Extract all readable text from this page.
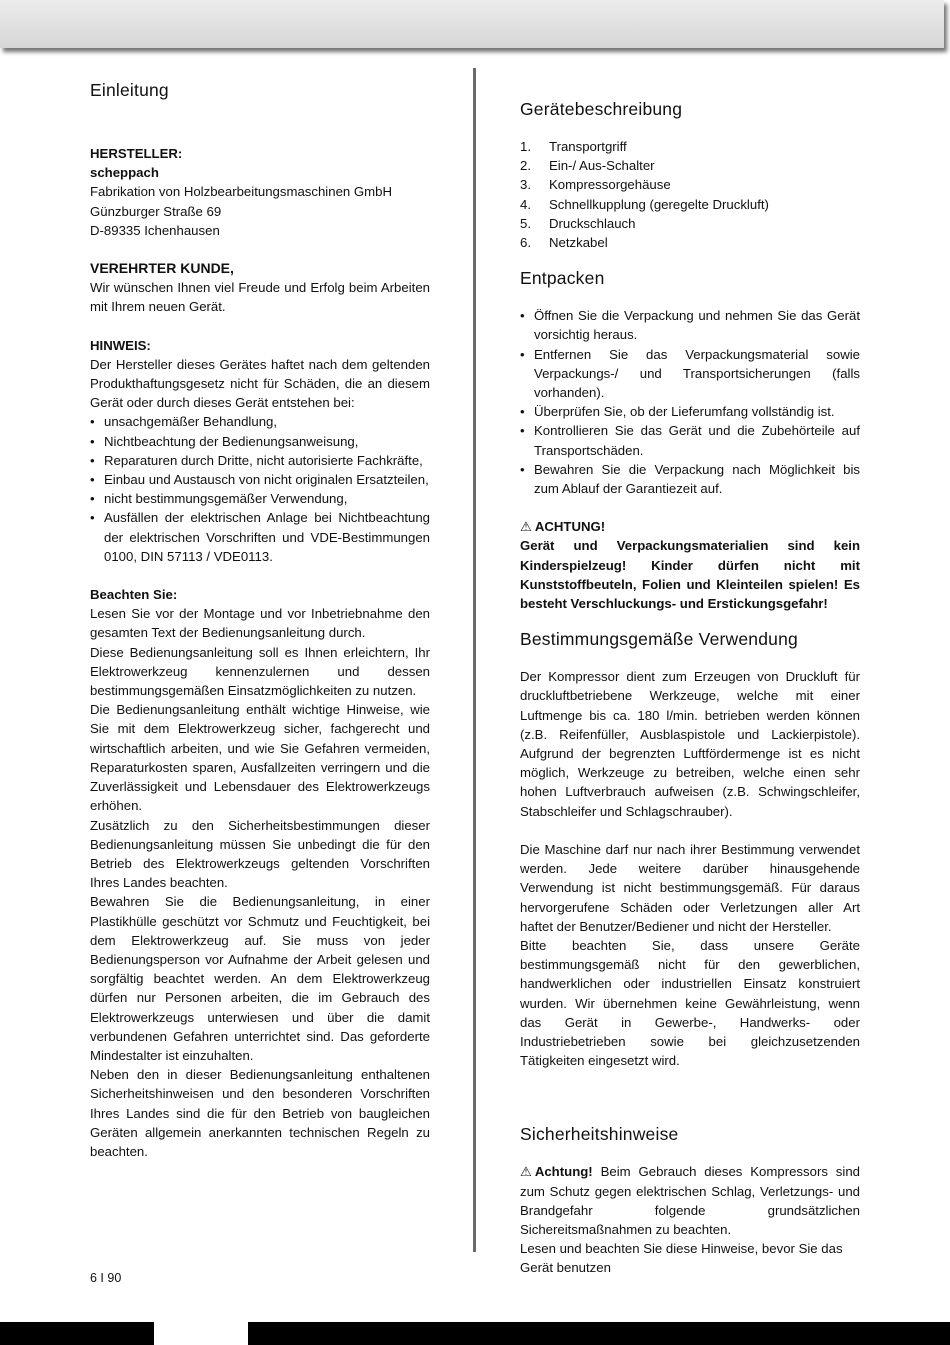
Einleitung

HERSTELLER:

scheppach

Fabrikation von Holzbearbeitungsmaschinen GmbH

Günzburger Straße 69

D-89335 Ichenhausen

VEREHRTER KUNDE,

Wir wünschen Ihnen viel Freude und Erfolg beim Arbeiten mit Ihrem neuen Gerät.

HINWEIS:

Der Hersteller dieses Gerätes haftet nach dem geltenden Produkthaftungsgesetz nicht für Schäden, die an diesem Gerät oder durch dieses Gerät entstehen bei:

• unsachgemäßer Behandlung,
• Nichtbeachtung der Bedienungsanweisung,
• Reparaturen durch Dritte, nicht autorisierte Fachkräfte,
• Einbau und Austausch von nicht originalen Ersatzteilen,
• nicht bestimmungsgemäßer Verwendung,
• Ausfällen der elektrischen Anlage bei Nichtbeachtung der elektrischen Vorschriften und VDE-Bestimmungen 0100, DIN 57113 / VDE0113.

Beachten Sie:

Lesen Sie vor der Montage und vor Inbetriebnahme den gesamten Text der Bedienungsanleitung durch.

Diese Bedienungsanleitung soll es Ihnen erleichtern, Ihr Elektrowerkzeug kennenzulernen und dessen bestimmungsgemäßen Einsatzmöglichkeiten zu nutzen.

Die Bedienungsanleitung enthält wichtige Hinweise, wie Sie mit dem Elektrowerkzeug sicher, fachgerecht und wirtschaftlich arbeiten, und wie Sie Gefahren vermeiden, Reparaturkosten sparen, Ausfallzeiten verringern und die Zuverlässigkeit und Lebensdauer des Elektrowerkzeugs erhöhen.

Zusätzlich zu den Sicherheitsbestimmungen dieser Bedienungsanleitung müssen Sie unbedingt die für den Betrieb des Elektrowerkzeugs geltenden Vorschriften Ihres Landes beachten.

Bewahren Sie die Bedienungsanleitung, in einer Plastikhülle geschützt vor Schmutz und Feuchtigkeit, bei dem Elektrowerkzeug auf. Sie muss von jeder Bedienungsperson vor Aufnahme der Arbeit gelesen und sorgfältig beachtet werden. An dem Elektrowerkzeug dürfen nur Personen arbeiten, die im Gebrauch des Elektrowerkzeugs unterwiesen und über die damit verbundenen Gefahren unterrichtet sind. Das geforderte Mindestalter ist einzuhalten.

Neben den in dieser Bedienungsanleitung enthaltenen Sicherheitshinweisen und den besonderen Vorschriften Ihres Landes sind die für den Betrieb von baugleichen Geräten allgemein anerkannten technischen Regeln zu beachten.

Gerätebeschreibung
1. Transportgriff
2. Ein-/ Aus-Schalter
3. Kompressorgehäuse
4. Schnellkupplung (geregelte Druckluft)
5. Druckschlauch
6. Netzkabel
Entpacken
• Öffnen Sie die Verpackung und nehmen Sie das Gerät vorsichtig heraus.
• Entfernen Sie das Verpackungsmaterial sowie Verpackungs-/ und Transportsicherungen (falls vorhanden).
• Überprüfen Sie, ob der Lieferumfang vollständig ist.
• Kontrollieren Sie das Gerät und die Zubehörteile auf Transportschäden.
• Bewahren Sie die Verpackung nach Möglichkeit bis zum Ablauf der Garantiezeit auf.

⚠ ACHTUNG!

Gerät und Verpackungsmaterialien sind kein Kinderspielzeug! Kinder dürfen nicht mit Kunststoffbeuteln, Folien und Kleinteilen spielen! Es besteht Verschluckungs- und Erstickungsgefahr!

Bestimmungsgemäße Verwendung

Der Kompressor dient zum Erzeugen von Druckluft für druckluftbetriebene Werkzeuge, welche mit einer Luftmenge bis ca. 180 l/min. betrieben werden können (z.B. Reifenfüller, Ausblaspistole und Lackierpistole). Aufgrund der begrenzten Luftfördermenge ist es nicht möglich, Werkzeuge zu betreiben, welche einen sehr hohen Luftverbrauch aufweisen (z.B. Schwingschleifer, Stabschleifer und Schlagschrauber).

Die Maschine darf nur nach ihrer Bestimmung verwendet werden. Jede weitere darüber hinausgehende Verwendung ist nicht bestimmungsgemäß. Für daraus hervorgerufene Schäden oder Verletzungen aller Art haftet der Benutzer/Bediener und nicht der Hersteller.

Bitte beachten Sie, dass unsere Geräte bestimmungsgemäß nicht für den gewerblichen, handwerklichen oder industriellen Einsatz konstruiert wurden. Wir übernehmen keine Gewährleistung, wenn das Gerät in Gewerbe-, Handwerks- oder Industriebetrieben sowie bei gleichzusetzenden Tätigkeiten eingesetzt wird.

Sicherheitshinweise

⚠ Achtung! Beim Gebrauch dieses Kompressors sind zum Schutz gegen elektrischen Schlag, Verletzungs- und Brandgefahr folgende grundsätzlichen Sichereitsmaßnahmen zu beachten.

Lesen und beachten Sie diese Hinweise, bevor Sie das Gerät benutzen

6 I 90
